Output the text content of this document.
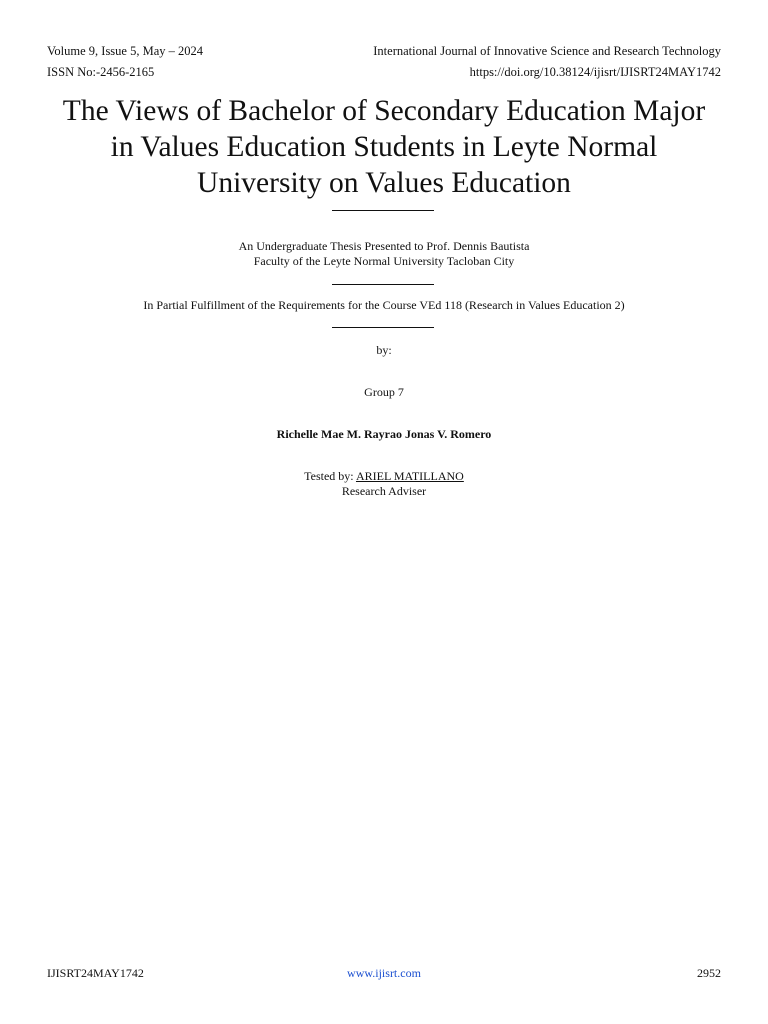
Volume 9, Issue 5, May – 2024
ISSN No:-2456-2165
International Journal of Innovative Science and Research Technology
https://doi.org/10.38124/ijisrt/IJISRT24MAY1742
The Views of Bachelor of Secondary Education Major
in Values Education Students in Leyte Normal
University on Values Education
An Undergraduate Thesis Presented to Prof. Dennis Bautista
Faculty of the Leyte Normal University Tacloban City
In Partial Fulfillment of the Requirements for the Course VEd 118 (Research in Values Education 2)
by:
Group 7
Richelle Mae M. Rayrao Jonas V. Romero
Tested by: ARIEL MATILLANO
Research Adviser
IJISRT24MAY1742	www.ijisrt.com	2952
